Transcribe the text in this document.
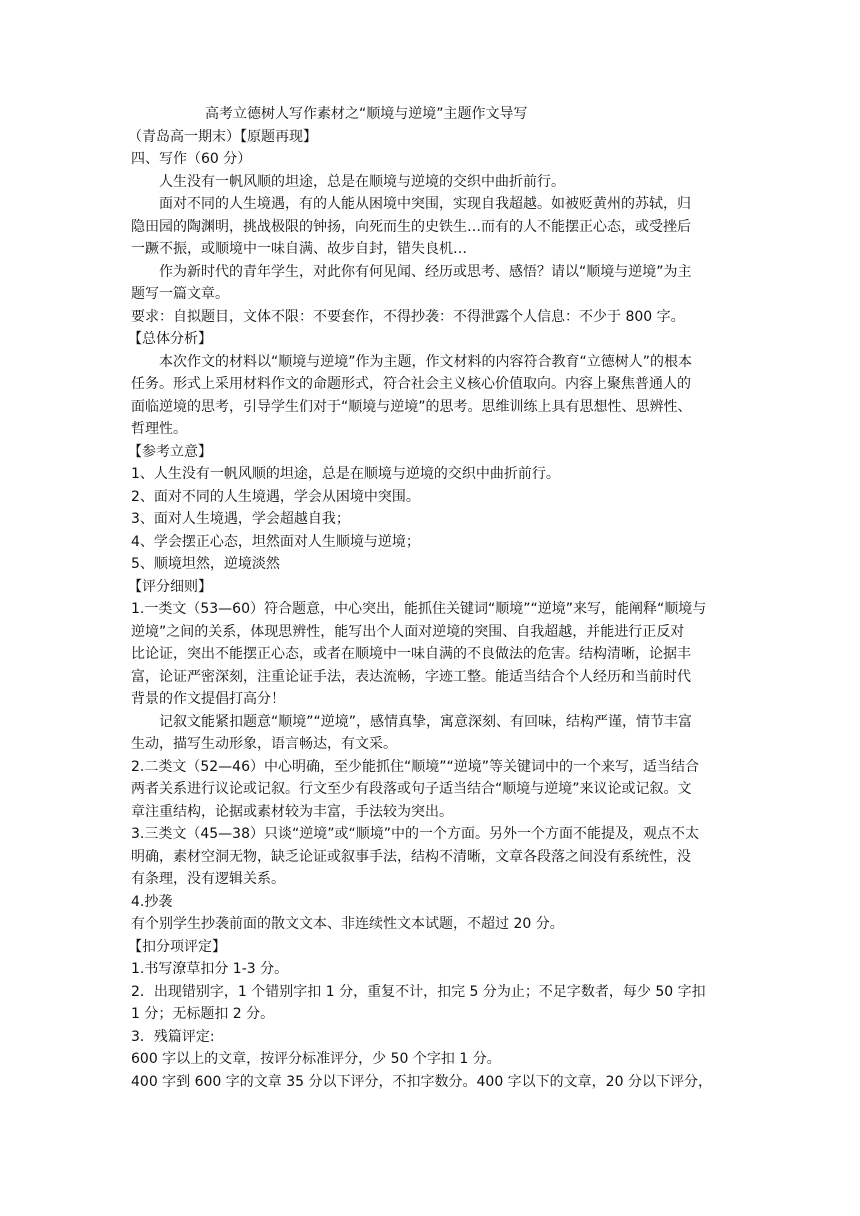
高考立德树人写作素材之“顺境与逆境”主题作文导写

（青岛高一期末）【原题再现】

四、写作（60 分）

人生没有一帆风顺的坦途，总是在顺境与逆境的交织中曲折前行。

面对不同的人生境遇，有的人能从困境中突围，实现自我超越。如被贬黄州的苏轼，归

隐田园的陶渊明，挑战极限的钟扬，向死而生的史铁生…而有的人不能摆正心态，或受挫后

一蹶不振，或顺境中一味自满、故步自封，错失良机…

作为新时代的青年学生，对此你有何见闻、经历或思考、感悟？请以“顺境与逆境”为主

题写一篇文章。

要求：自拟题目，文体不限：不要套作，不得抄袭：不得泄露个人信息：不少于 800 字。

【总体分析】

本次作文的材料以“顺境与逆境”作为主题，作文材料的内容符合教育“立德树人”的根本

任务。形式上采用材料作文的命题形式，符合社会主义核心价值取向。内容上聚焦普通人的

面临逆境的思考，引导学生们对于“顺境与逆境”的思考。思维训练上具有思想性、思辨性、

哲理性。

【参考立意】

1、人生没有一帆风顺的坦途，总是在顺境与逆境的交织中曲折前行。

2、面对不同的人生境遇，学会从困境中突围。

3、面对人生境遇，学会超越自我；

4、学会摆正心态，坦然面对人生顺境与逆境；

5、顺境坦然，逆境淡然

【评分细则】

1.一类文（53—60）符合题意，中心突出，能抓住关键词“顺境”“逆境”来写，能阐释“顺境与

逆境”之间的关系，体现思辨性，能写出个人面对逆境的突围、自我超越，并能进行正反对

比论证，突出不能摆正心态，或者在顺境中一味自满的不良做法的危害。结构清晰，论据丰

富，论证严密深刻，注重论证手法，表达流畅，字迹工整。能适当结合个人经历和当前时代

背景的作文提倡打高分！

记叙文能紧扣题意“顺境”“逆境”，感情真挚，寓意深刻、有回味，结构严谨，情节丰富

生动，描写生动形象，语言畅达，有文采。

2.二类文（52—46）中心明确，至少能抓住“顺境”“逆境”等关键词中的一个来写，适当结合

两者关系进行议论或记叙。行文至少有段落或句子适当结合“顺境与逆境”来议论或记叙。文

章注重结构，论据或素材较为丰富，手法较为突出。

3.三类文（45—38）只谈“逆境”或“顺境”中的一个方面。另外一个方面不能提及，观点不太

明确，素材空洞无物，缺乏论证或叙事手法，结构不清晰，文章各段落之间没有系统性，没

有条理，没有逻辑关系。

4.抄袭

有个别学生抄袭前面的散文文本、非连续性文本试题，不超过 20 分。

【扣分项评定】

1.书写潦草扣分 1-3 分。

2．出现错别字，1 个错别字扣 1 分，重复不计，扣完 5 分为止；不足字数者，每少 50 字扣

1 分；无标题扣 2 分。

3．残篇评定:

600 字以上的文章，按评分标准评分，少 50 个字扣 1 分。

400 字到 600 字的文章 35 分以下评分，不扣字数分。400 字以下的文章，20 分以下评分，
